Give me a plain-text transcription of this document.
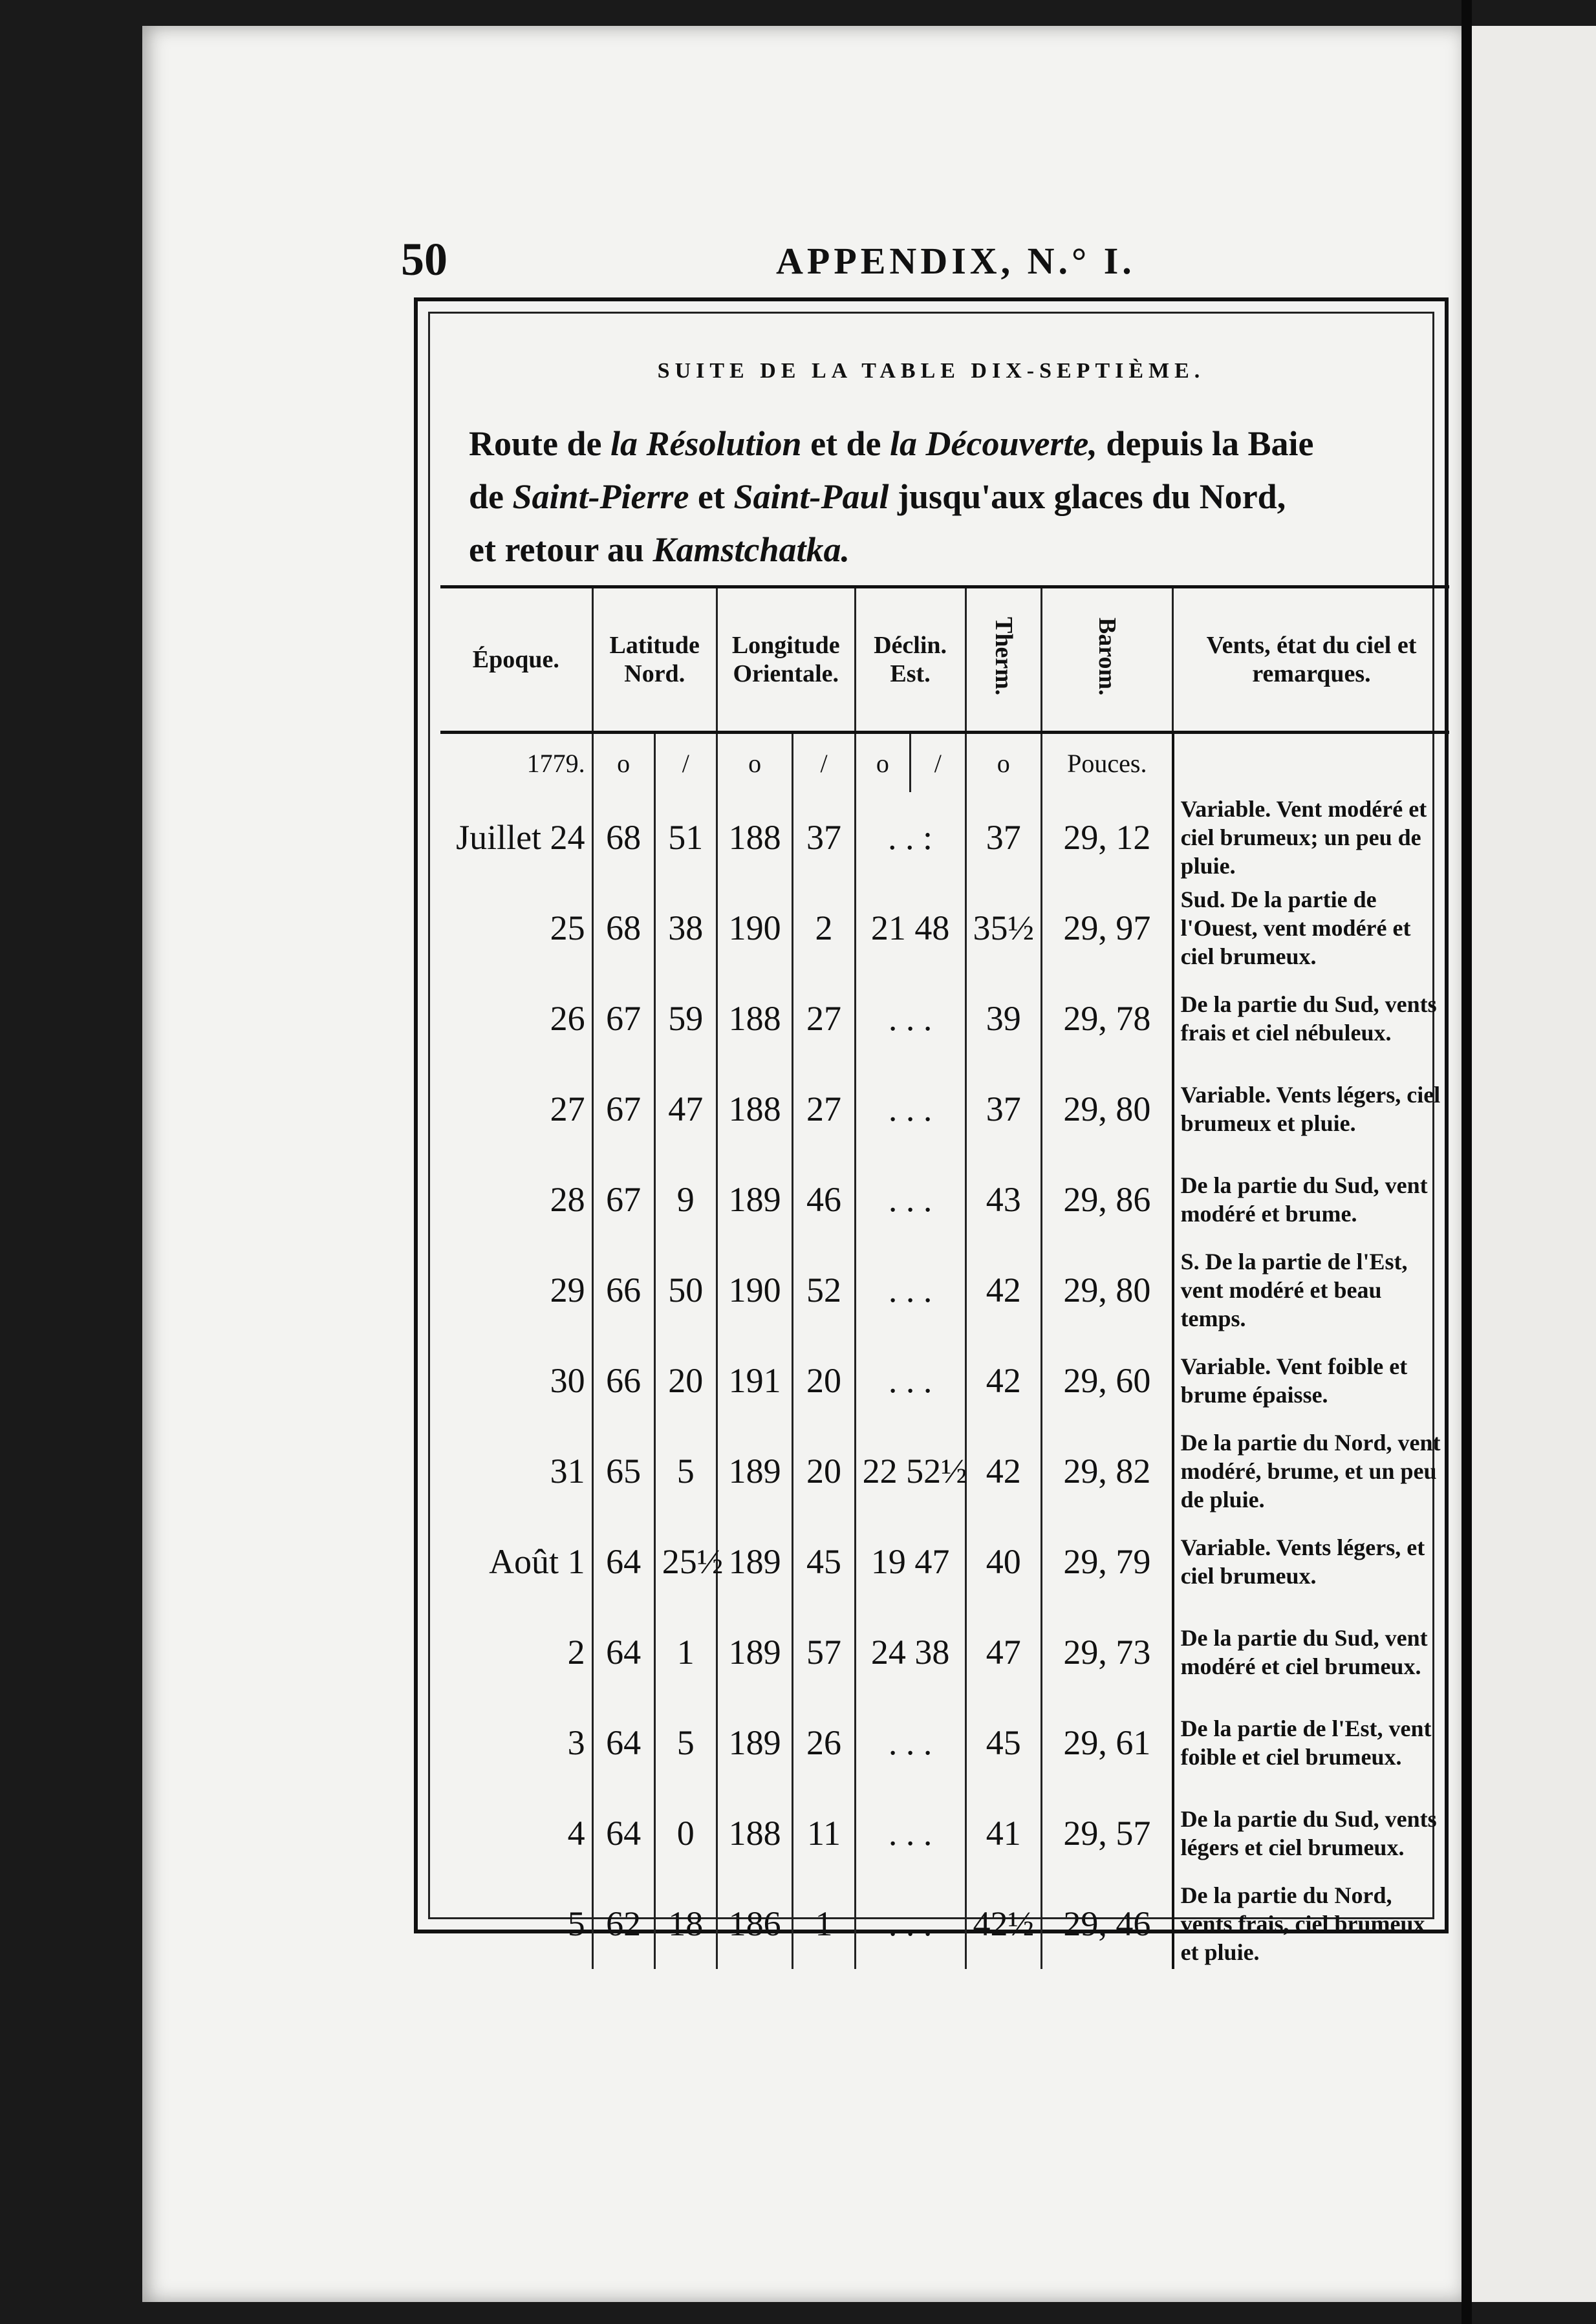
50	APPENDIX, N.° I.
SUITE DE LA TABLE DIX-SEPTIÈME.
Route de la Résolution et de la Découverte, depuis la Baie
de Saint-Pierre et Saint-Paul jusqu'aux glaces du Nord,
et retour au Kamstchatka.
Époque.	Latitude Nord.		Longitude Orientale.		Déclin. Est.		Therm.	Barom.	Vents, état du ciel et remarques.
1779.	o	/	o	/	o	/	o	Pouces.	
Juillet 24	68	51	188	37	. . :		37	29, 12	Variable. Vent modéré et ciel brumeux; un peu de pluie.
25	68	38	190	2	21 48		35½	29, 97	Sud. De la partie de l'Ouest, vent modéré et ciel brumeux.
26	67	59	188	27	. . .		39	29, 78	De la partie du Sud, vents frais et ciel nébuleux.
27	67	47	188	27	. . .		37	29, 80	Variable. Vents légers, ciel brumeux et pluie.
28	67	9	189	46	. . .		43	29, 86	De la partie du Sud, vent modéré et brume.
29	66	50	190	52	. . .		42	29, 80	S. De la partie de l'Est, vent modéré et beau temps.
30	66	20	191	20	. . .		42	29, 60	Variable. Vent foible et brume épaisse.
31	65	5	189	20	22 52½		42	29, 82	De la partie du Nord, vent modéré, brume, et un peu de pluie.
Août 1	64	25½	189	45	19 47		40	29, 79	Variable. Vents légers, et ciel brumeux.
2	64	1	189	57	24 38		47	29, 73	De la partie du Sud, vent modéré et ciel brumeux.
3	64	5	189	26	. . .		45	29, 61	De la partie de l'Est, vent foible et ciel brumeux.
4	64	0	188	11	. . .		41	29, 57	De la partie du Sud, vents légers et ciel brumeux.
5	62	18	186	1	. . .		42½	29, 46	De la partie du Nord, vents frais, ciel brumeux et pluie.
